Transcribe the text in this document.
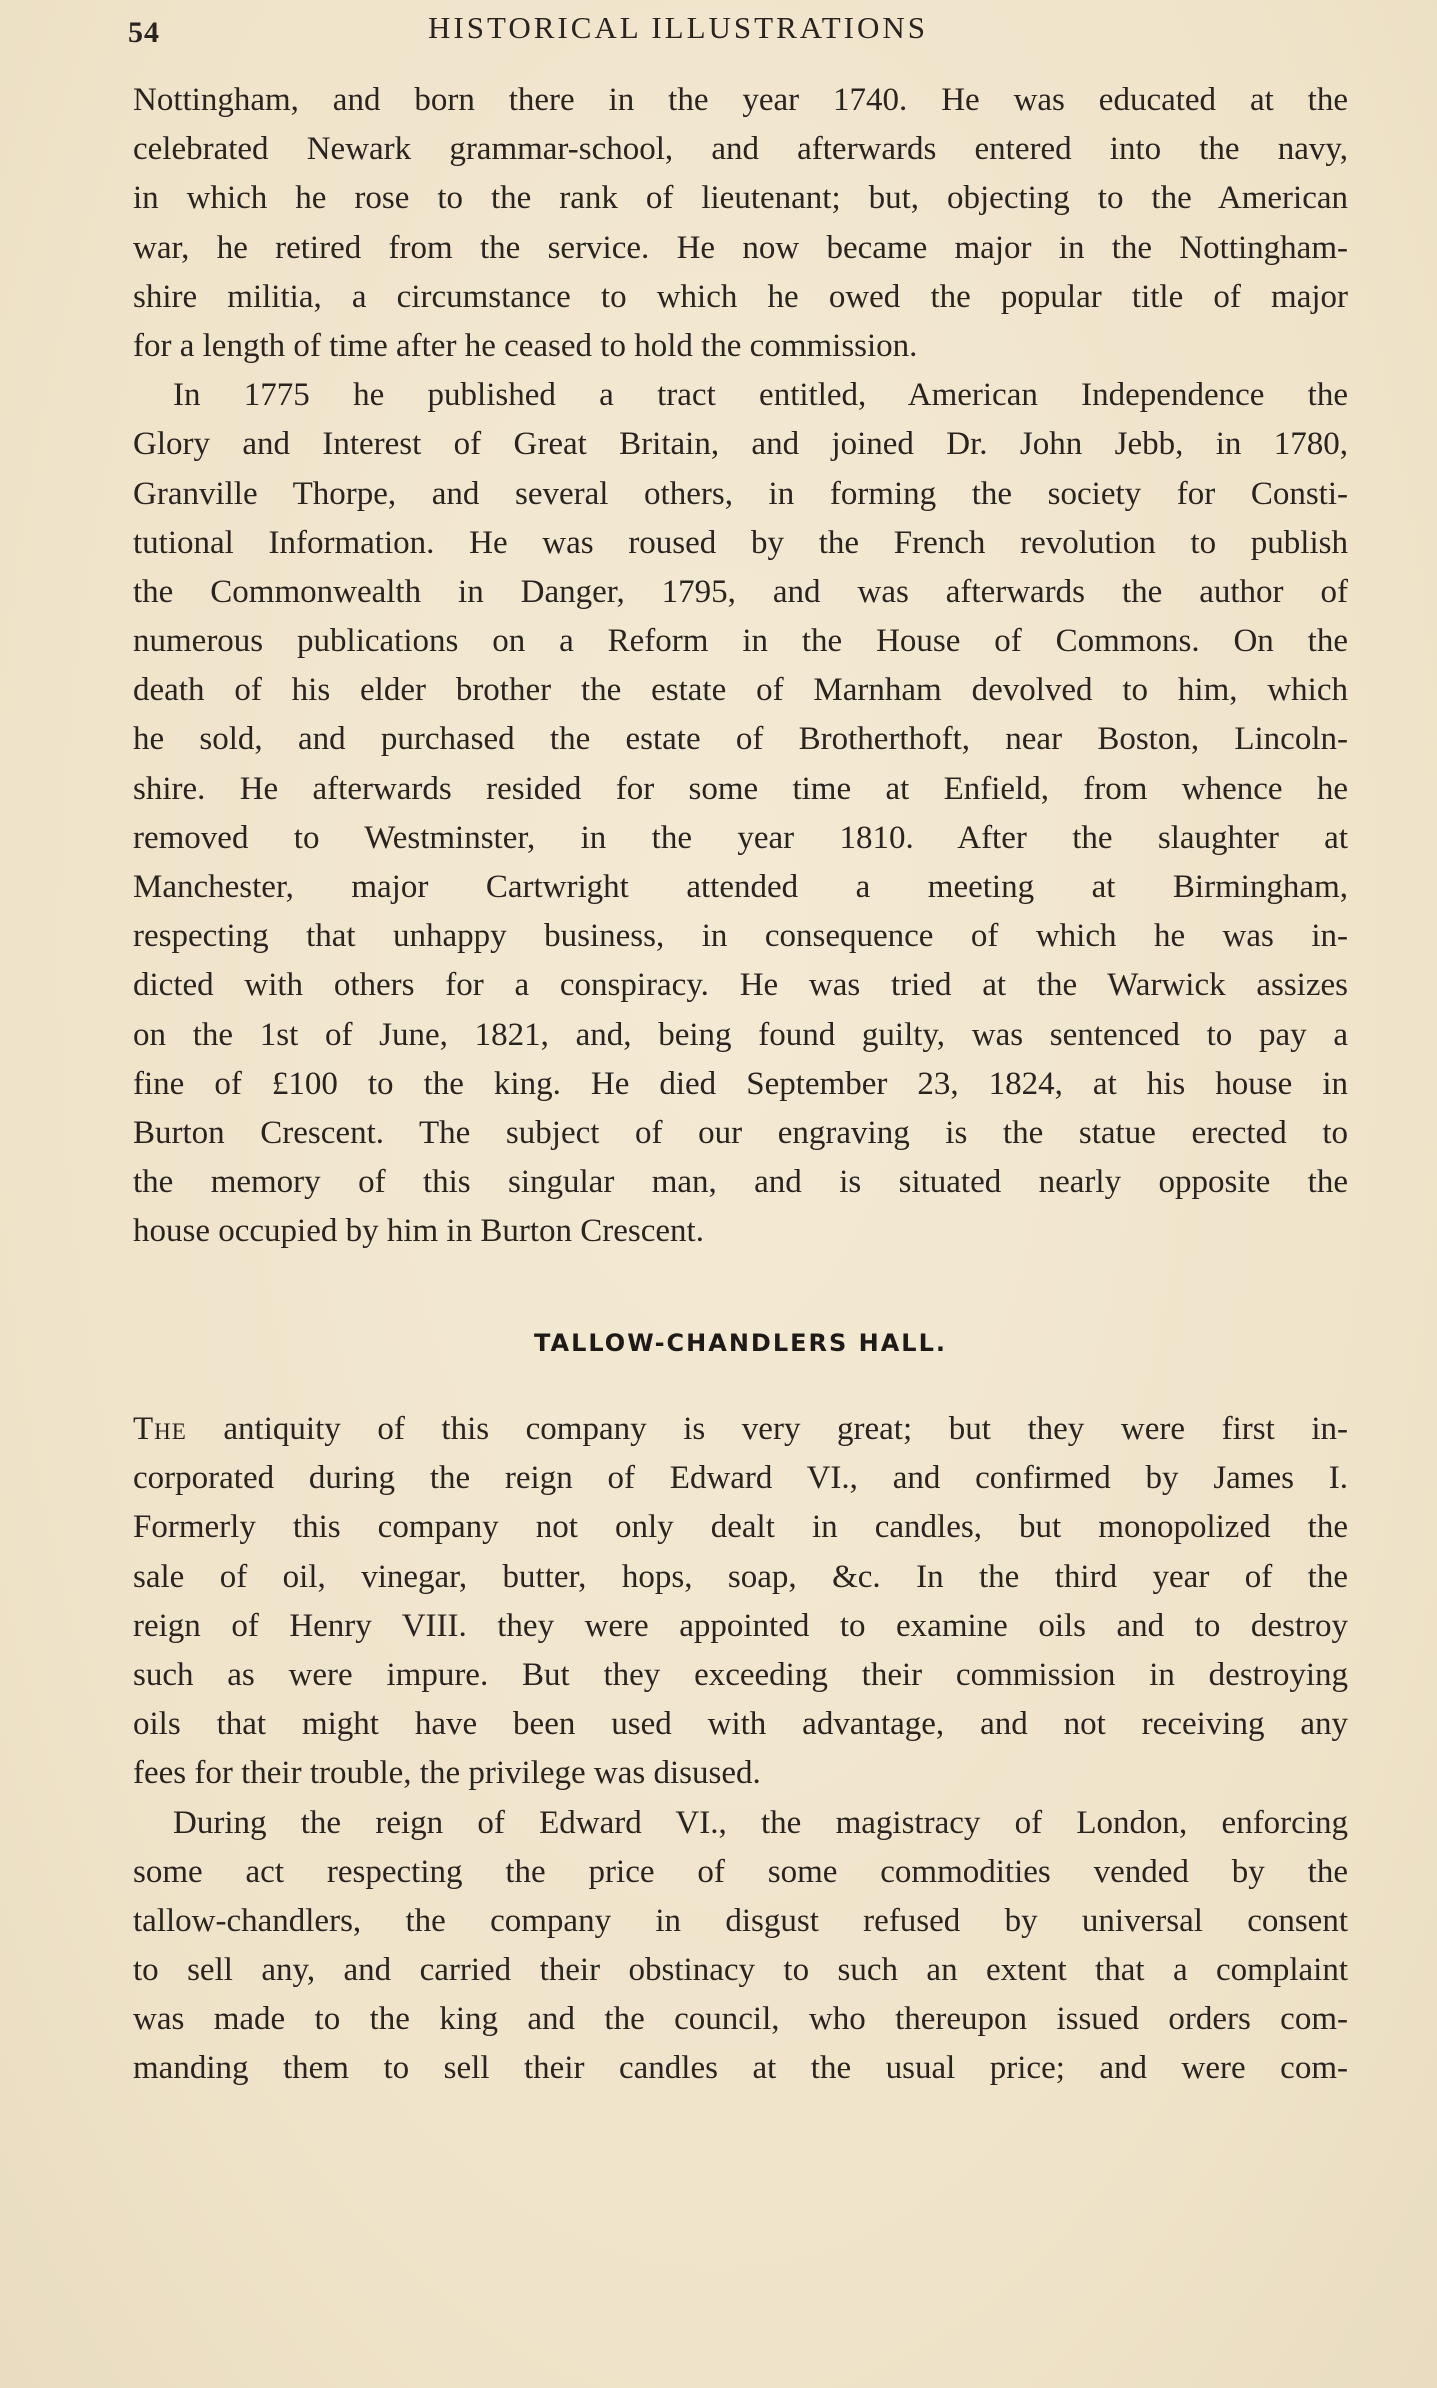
54	HISTORICAL ILLUSTRATIONS
Nottingham, and born there in the year 1740. He was educated at the
celebrated Newark grammar-school, and afterwards entered into the navy,
in which he rose to the rank of lieutenant; but, objecting to the American
war, he retired from the service. He now became major in the Nottingham-
shire militia, a circumstance to which he owed the popular title of major
for a length of time after he ceased to hold the commission.
In 1775 he published a tract entitled, American Independence the
Glory and Interest of Great Britain, and joined Dr. John Jebb, in 1780,
Granville Thorpe, and several others, in forming the society for Consti-
tutional Information. He was roused by the French revolution to publish
the Commonwealth in Danger, 1795, and was afterwards the author of
numerous publications on a Reform in the House of Commons. On the
death of his elder brother the estate of Marnham devolved to him, which
he sold, and purchased the estate of Brotherthoft, near Boston, Lincoln-
shire. He afterwards resided for some time at Enfield, from whence he
removed to Westminster, in the year 1810. After the slaughter at
Manchester, major Cartwright attended a meeting at Birmingham,
respecting that unhappy business, in consequence of which he was in-
dicted with others for a conspiracy. He was tried at the Warwick assizes
on the 1st of June, 1821, and, being found guilty, was sentenced to pay a
fine of £100 to the king. He died September 23, 1824, at his house in
Burton Crescent. The subject of our engraving is the statue erected to
the memory of this singular man, and is situated nearly opposite the
house occupied by him in Burton Crescent.
TALLOW-CHANDLERS HALL.
The antiquity of this company is very great; but they were first in-
corporated during the reign of Edward VI., and confirmed by James I.
Formerly this company not only dealt in candles, but monopolized the
sale of oil, vinegar, butter, hops, soap, &c. In the third year of the
reign of Henry VIII. they were appointed to examine oils and to destroy
such as were impure. But they exceeding their commission in destroying
oils that might have been used with advantage, and not receiving any
fees for their trouble, the privilege was disused.
During the reign of Edward VI., the magistracy of London, enforcing
some act respecting the price of some commodities vended by the
tallow-chandlers, the company in disgust refused by universal consent
to sell any, and carried their obstinacy to such an extent that a complaint
was made to the king and the council, who thereupon issued orders com-
manding them to sell their candles at the usual price; and were com-
